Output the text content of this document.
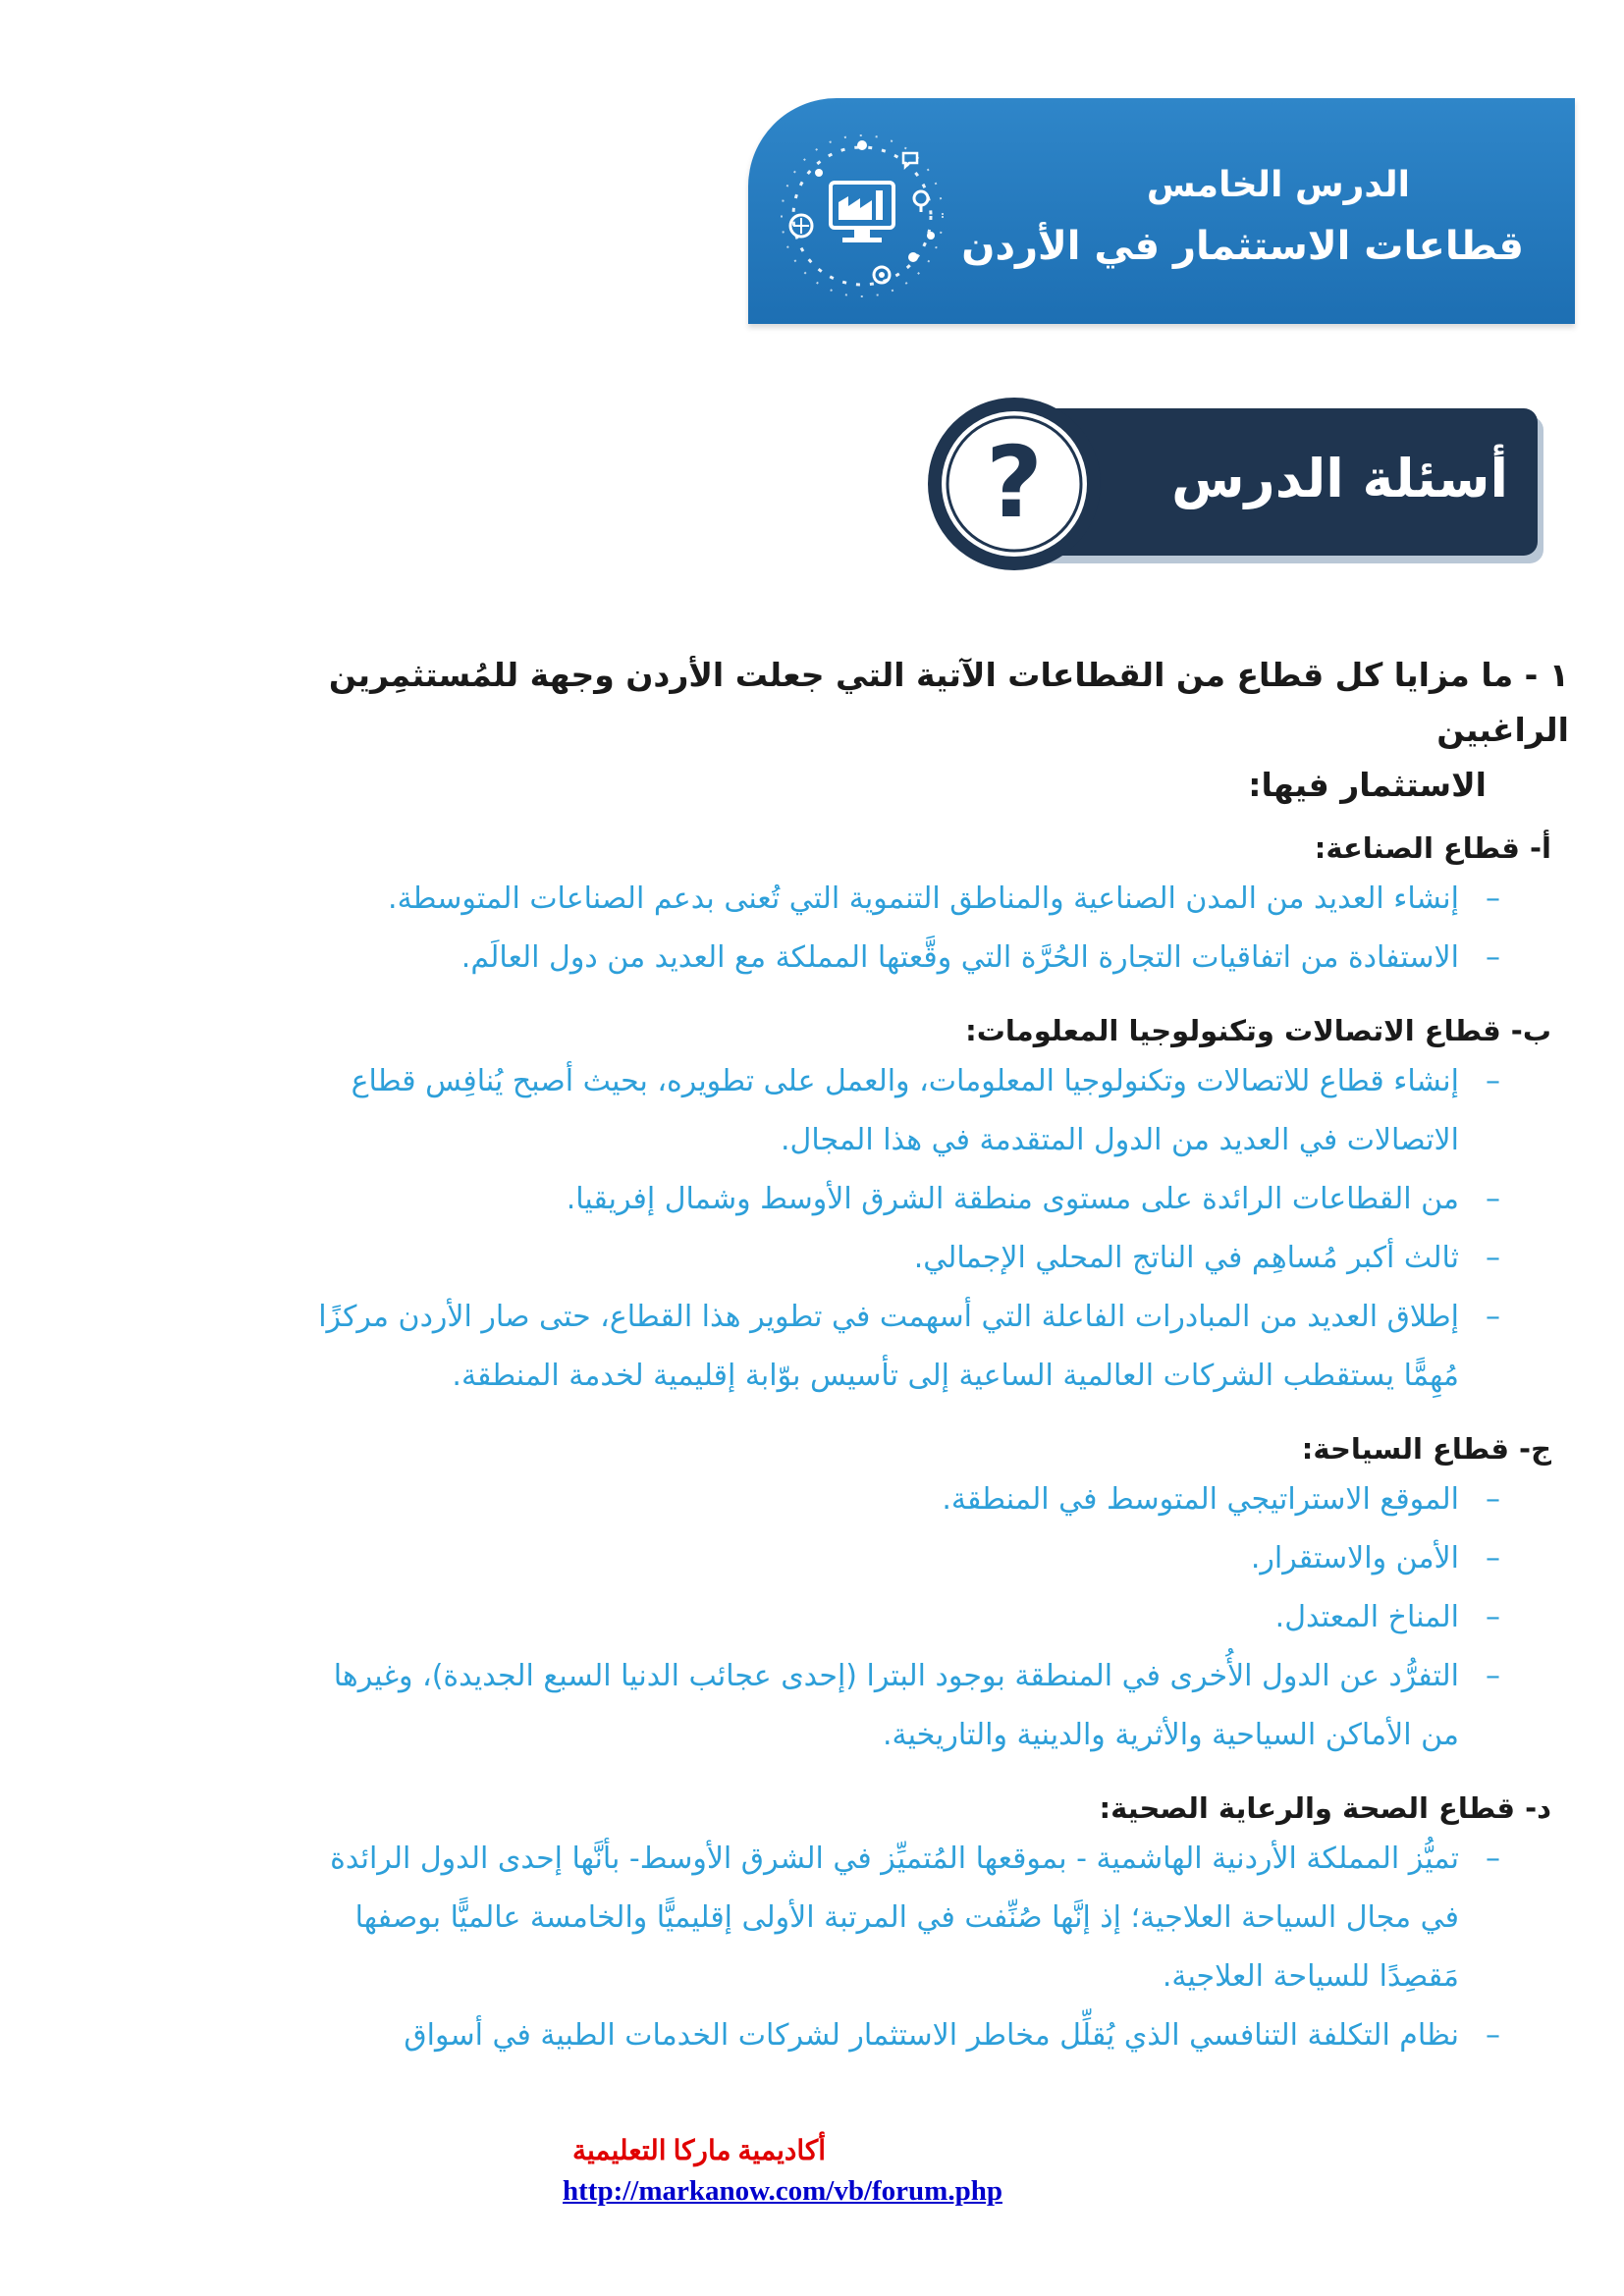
الدرس الخامس
قطاعات الاستثمار في الأردن
أسئلة الدرس
?

١ - ما مزايا كل قطاع من القطاعات الآتية التي جعلت الأردن وجهة للمُستثمِرين الراغبين
الاستثمار فيها:

أ- قطاع الصناعة:
– إنشاء العديد من المدن الصناعية والمناطق التنموية التي تُعنى بدعم الصناعات المتوسطة.
– الاستفادة من اتفاقيات التجارة الحُرَّة التي وقَّعتها المملكة مع العديد من دول العالَم.
ب- قطاع الاتصالات وتكنولوجيا المعلومات:
– إنشاء قطاع للاتصالات وتكنولوجيا المعلومات، والعمل على تطويره، بحيث أصبح يُنافِس قطاع الاتصالات في العديد من الدول المتقدمة في هذا المجال.
– من القطاعات الرائدة على مستوى منطقة الشرق الأوسط وشمال إفريقيا.
– ثالث أكبر مُساهِم في الناتج المحلي الإجمالي.
– إطلاق العديد من المبادرات الفاعلة التي أسهمت في تطوير هذا القطاع، حتى صار الأردن مركزًا مُهِمًّا يستقطب الشركات العالمية الساعية إلى تأسيس بوّابة إقليمية لخدمة المنطقة.
ج- قطاع السياحة:
– الموقع الاستراتيجي المتوسط في المنطقة.
– الأمن والاستقرار.
– المناخ المعتدل.
– التفرُّد عن الدول الأُخرى في المنطقة بوجود البترا (إحدى عجائب الدنيا السبع الجديدة)، وغيرها من الأماكن السياحية والأثرية والدينية والتاريخية.
د- قطاع الصحة والرعاية الصحية:
– تميُّز المملكة الأردنية الهاشمية - بموقعها المُتميِّز في الشرق الأوسط- بأنَّها إحدى الدول الرائدة في مجال السياحة العلاجية؛ إذ إنَّها صُنِّفت في المرتبة الأولى إقليميًّا والخامسة عالميًّا بوصفها مَقصِدًا للسياحة العلاجية.
– نظام التكلفة التنافسي الذي يُقلِّل مخاطر الاستثمار لشركات الخدمات الطبية في أسواق
أكاديمية ماركا التعليمية
http://markanow.com/vb/forum.php
